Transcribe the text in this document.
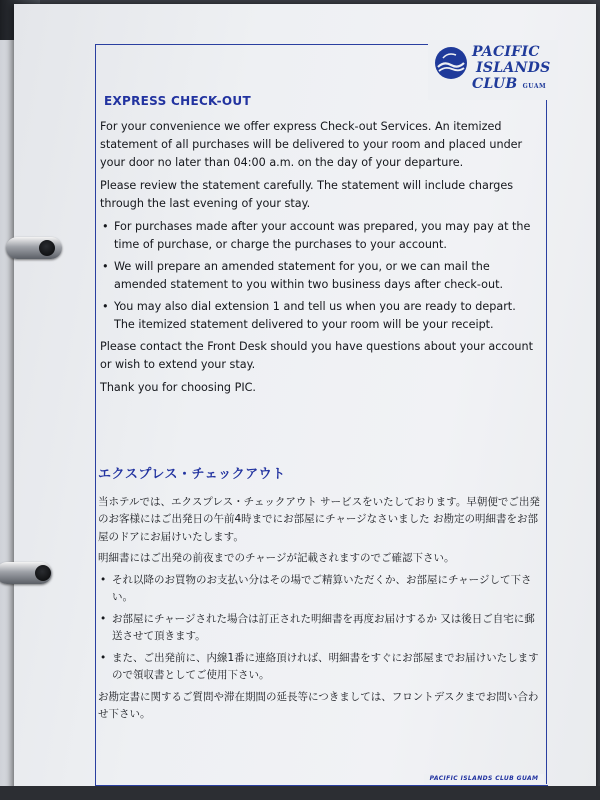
PACIFIC
ISLANDS
CLUB GUAM
EXPRESS CHECK-OUT
For your convenience we offer express Check-out Services. An itemized statement of all purchases will be delivered to your room and placed under your door no later than 04:00 a.m. on the day of your departure.
Please review the statement carefully. The statement will include charges through the last evening of your stay.
• For purchases made after your account was prepared, you may pay at the time of purchase, or charge the purchases to your account.
• We will prepare an amended statement for you, or we can mail the amended statement to you within two business days after check-out.
• You may also dial extension 1 and tell us when you are ready to depart. The itemized statement delivered to your room will be your receipt.
Please contact the Front Desk should you have questions about your account or wish to extend your stay.
Thank you for choosing PIC.
エクスプレス・チェックアウト
当ホテルでは、エクスプレス・チェックアウト サービスをいたしております。早朝便でご出発のお客様にはご出発日の午前4時までにお部屋にチャージなさいました お勘定の明細書をお部屋のドアにお届けいたします。
明細書にはご出発の前夜までのチャージが記載されますのでご確認下さい。
• それ以降のお買物のお支払い分はその場でご精算いただくか、お部屋にチャージして下さい。
• お部屋にチャージされた場合は訂正された明細書を再度お届けするか 又は後日ご自宅に郵送させて頂きます。
• また、ご出発前に、内線1番に連絡頂ければ、明細書をすぐにお部屋までお届けいたしますので領収書としてご使用下さい。
お勘定書に関するご質問や滞在期間の延長等につきましては、フロントデスクまでお問い合わせ下さい。
PACIFIC ISLANDS CLUB GUAM
